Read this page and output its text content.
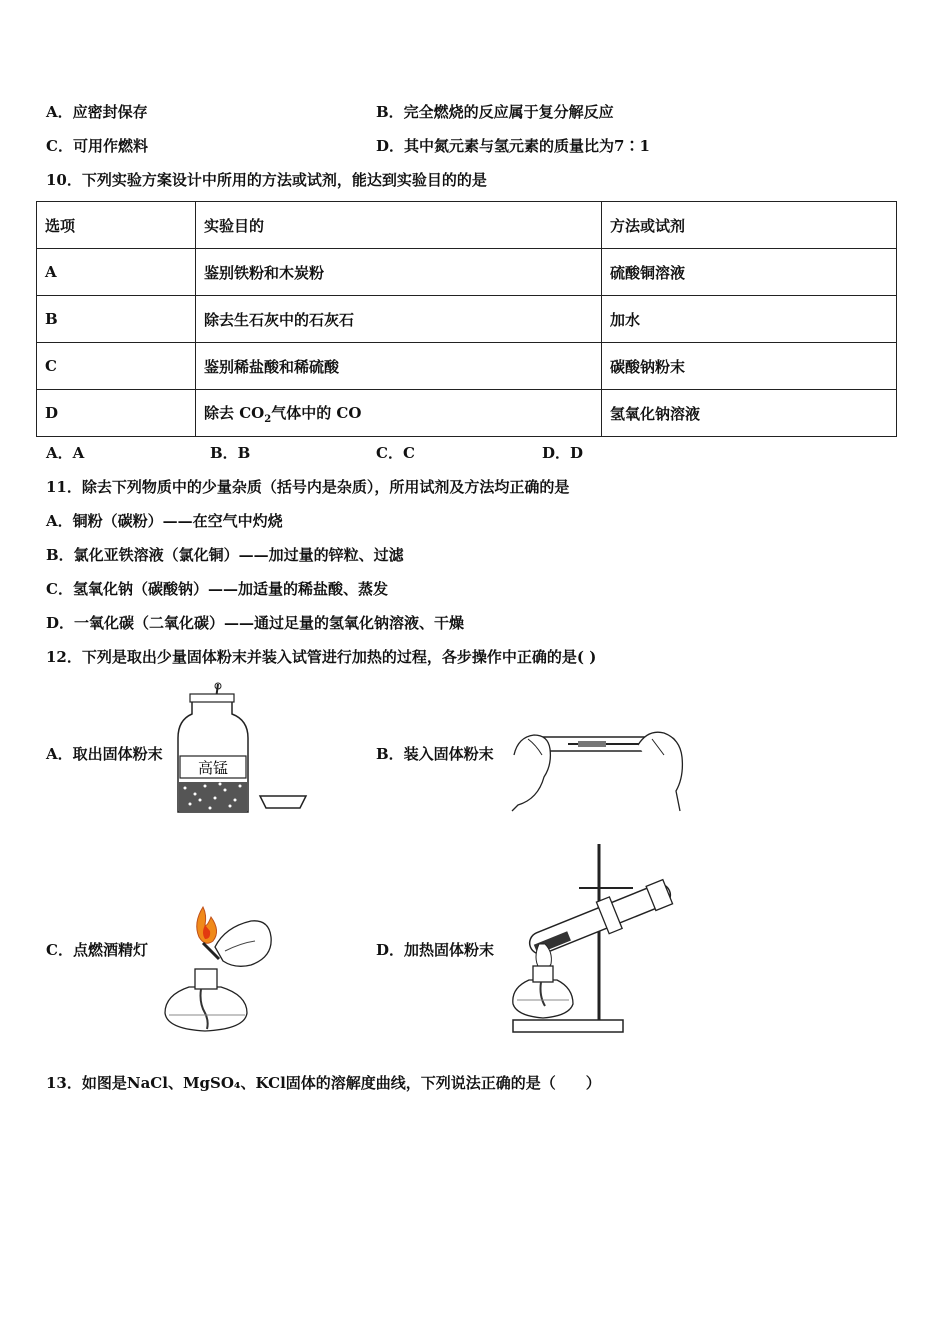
A．应密封保存	B．完全燃烧的反应属于复分解反应
C．可用作燃料	D．其中氮元素与氢元素的质量比为7∶1
10．下列实验方案设计中所用的方法或试剂，能达到实验目的的是
选项	实验目的	方法或试剂
A	鉴别铁粉和木炭粉	硫酸铜溶液
B	除去生石灰中的石灰石	加水
C	鉴别稀盐酸和稀硫酸	碳酸钠粉末
D	除去 $CO_2$气体中的 CO	氢氧化钠溶液
A．A	B．B	C．C	D．D
11．除去下列物质中的少量杂质（括号内是杂质），所用试剂及方法均正确的是
A．铜粉（碳粉）——在空气中灼烧
B．氯化亚铁溶液（氯化铜）——加过量的锌粒、过滤
C．氢氧化钠（碳酸钠）——加适量的稀盐酸、蒸发
D．一氧化碳（二氧化碳）——通过足量的氢氧化钠溶液、干燥
12．下列是取出少量固体粉末并装入试管进行加热的过程，各步操作中正确的是( )
A．取出固体粉末
高锰
B．装入固体粉末
C．点燃酒精灯	D．加热固体粉末
13．如图是NaCl、MgSO₄、KCl固体的溶解度曲线，下列说法正确的是（　　）
